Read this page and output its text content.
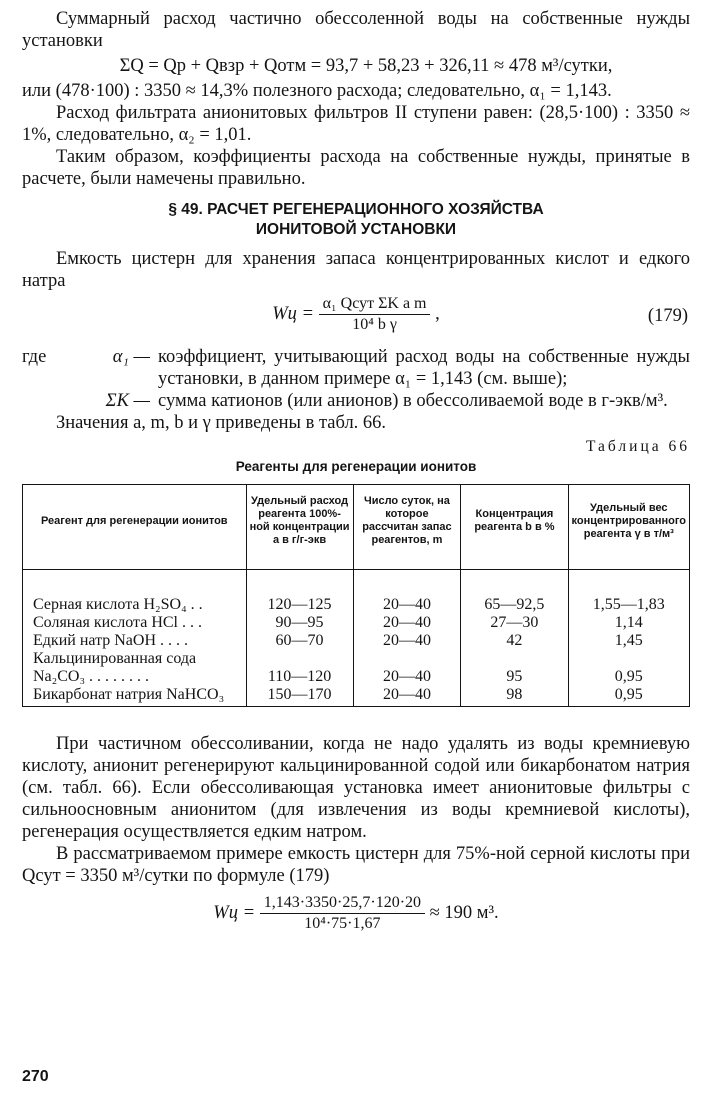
Суммарный расход частично обессоленной воды на собственные нужды установки

ΣQ = Qр + Qвзр + Qотм = 93,7 + 58,23 + 326,11 ≈ 478 м³/сутки,

или (478·100) : 3350 ≈ 14,3% полезного расхода; следовательно, α₁ = 1,143.

Расход фильтрата анионитовых фильтров II ступени равен: (28,5·100) : 3350 ≈ 1%, следовательно, α₂ = 1,01.

Таким образом, коэффициенты расхода на собственные нужды, принятые в расчете, были намечены правильно.

§ 49. РАСЧЕТ РЕГЕНЕРАЦИОННОГО ХОЗЯЙСТВА
ИОНИТОВОЙ УСТАНОВКИ

Емкость цистерн для хранения запаса концентрированных кислот и едкого натра

Wц = $\frac{\text{α₁ Qсут ΣK a m}}{\text{10⁴ b γ}}$ ,	(179)
где	α₁ — коэффициент, учитывающий расход воды на собственные нужды установки, в данном примере α₁ = 1,143 (см. выше);
ΣK — сумма катионов (или анионов) в обессоливаемой воде в г-экв/м³.

Значения a, m, b и γ приведены в табл. 66.

Таблица 66
Реагенты для регенерации ионитов
Реагент для регенерации ионитов	Удельный расход реагента 100%-ной концентрации a в г/г-экв	Число суток, на которое рассчитан запас реагентов, m	Концентрация реагента b в %	Удельный вес концентрированного реагента γ в т/м³
Серная кислота H₂SO₄ . .	120—125	20—40	65—92,5	1,55—1,83
Соляная кислота HCl . . .	90—95	20—40	27—30	1,14
Едкий натр NaOH . . . .	60—70	20—40	42	1,45
Кальцинированная сода Na₂CO₃ . . . . . . . .	110—120	20—40	95	0,95
Бикарбонат натрия NaHCO₃	150—170	20—40	98	0,95

При частичном обессоливании, когда не надо удалять из воды кремниевую кислоту, анионит регенерируют кальцинированной содой или бикарбонатом натрия (см. табл. 66). Если обессоливающая установка имеет анионитовые фильтры с сильноосновным анионитом (для извлечения из воды кремниевой кислоты), регенерация осуществляется едким натром.

В рассматриваемом примере емкость цистерн для 75%-ной серной кислоты при Qсут = 3350 м³/сутки по формуле (179)

Wц = $\frac{1,143\cdot 3350\cdot 25,7\cdot 120\cdot 20}{\text{10⁴·75·1,67}} \approx 190$ м³.
270
